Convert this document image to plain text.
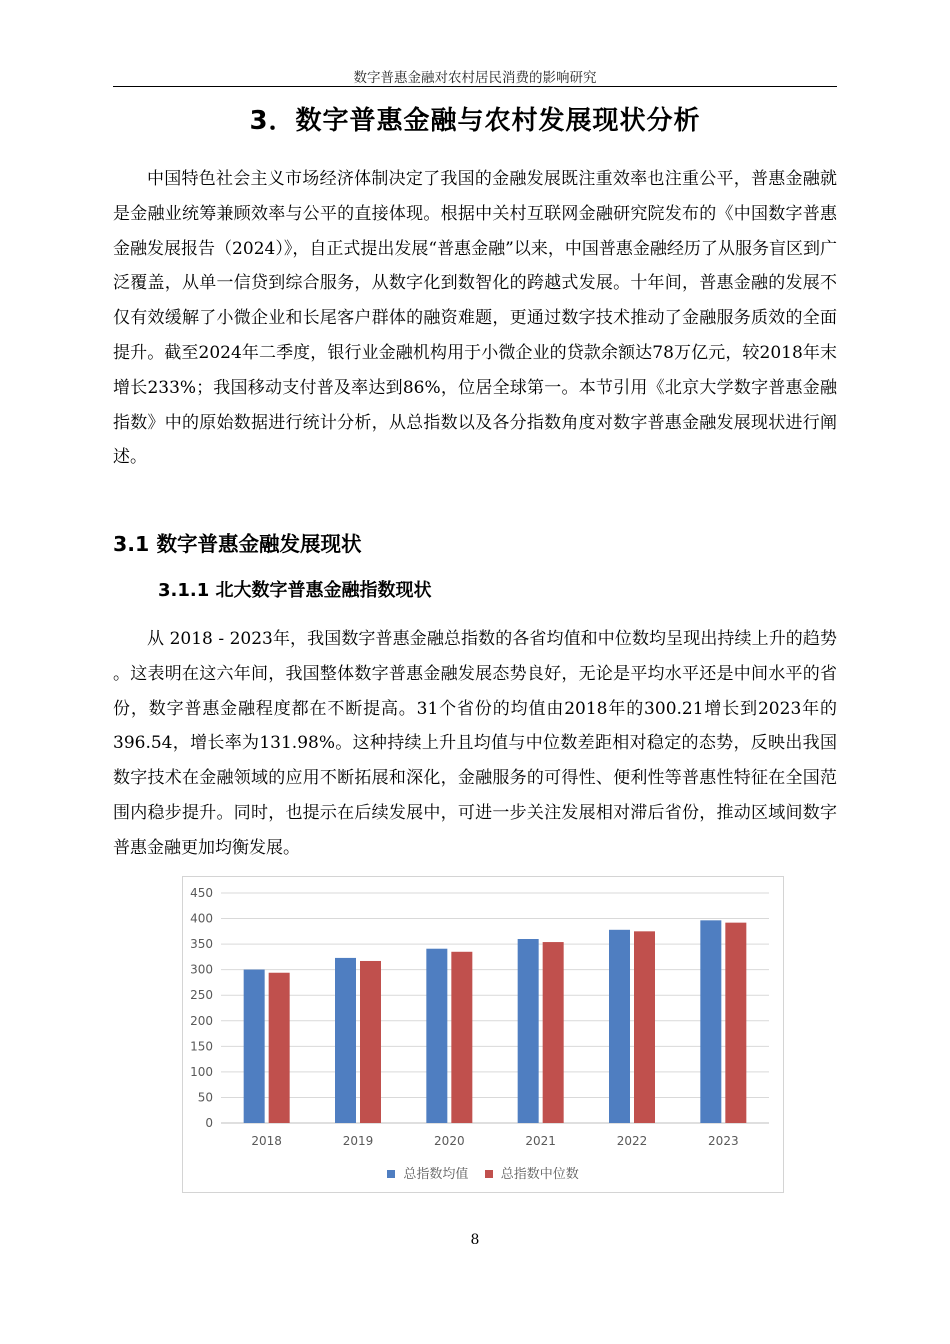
数字普惠金融对农村居民消费的影响研究
3．数字普惠金融与农村发展现状分析

中国特色社会主义市场经济体制决定了我国的金融发展既注重效率也注重公平，普惠金融就是金融业统筹兼顾效率与公平的直接体现。根据中关村互联网金融研究院发布的《中国数字普惠金融发展报告（2024）》，自正式提出发展“普惠金融”以来，中国普惠金融经历了从服务盲区到广泛覆盖，从单一信贷到综合服务，从数字化到数智化的跨越式发展。十年间，普惠金融的发展不仅有效缓解了小微企业和长尾客户群体的融资难题，更通过数字技术推动了金融服务质效的全面提升。截至2024年二季度，银行业金融机构用于小微企业的贷款余额达78万亿元，较2018年末增长233%；我国移动支付普及率达到86%，位居全球第一。本节引用《北京大学数字普惠金融指数》中的原始数据进行统计分析，从总指数以及各分指数角度对数字普惠金融发展现状进行阐述。

3.1 数字普惠金融发展现状
3.1.1 北大数字普惠金融指数现状

从 2018 - 2023年，我国数字普惠金融总指数的各省均值和中位数均呈现出持续上升的趋势 。这表明在这六年间，我国整体数字普惠金融发展态势良好，无论是平均水平还是中间水平的省份，数字普惠金融程度都在不断提高。31个省份的均值由2018年的300.21增长到2023年的396.54，增长率为131.98%。这种持续上升且均值与中位数差距相对稳定的态势，反映出我国数字技术在金融领域的应用不断拓展和深化，金融服务的可得性、便利性等普惠性特征在全国范围内稳步提升。同时，也提示在后续发展中，可进一步关注发展相对滞后省份，推动区域间数字普惠金融更加均衡发展。

0
50
100
150
200
250
300
350
400
450
2018	2019	2020	2021	2022	2023
总指数均值 总指数中位数
8
